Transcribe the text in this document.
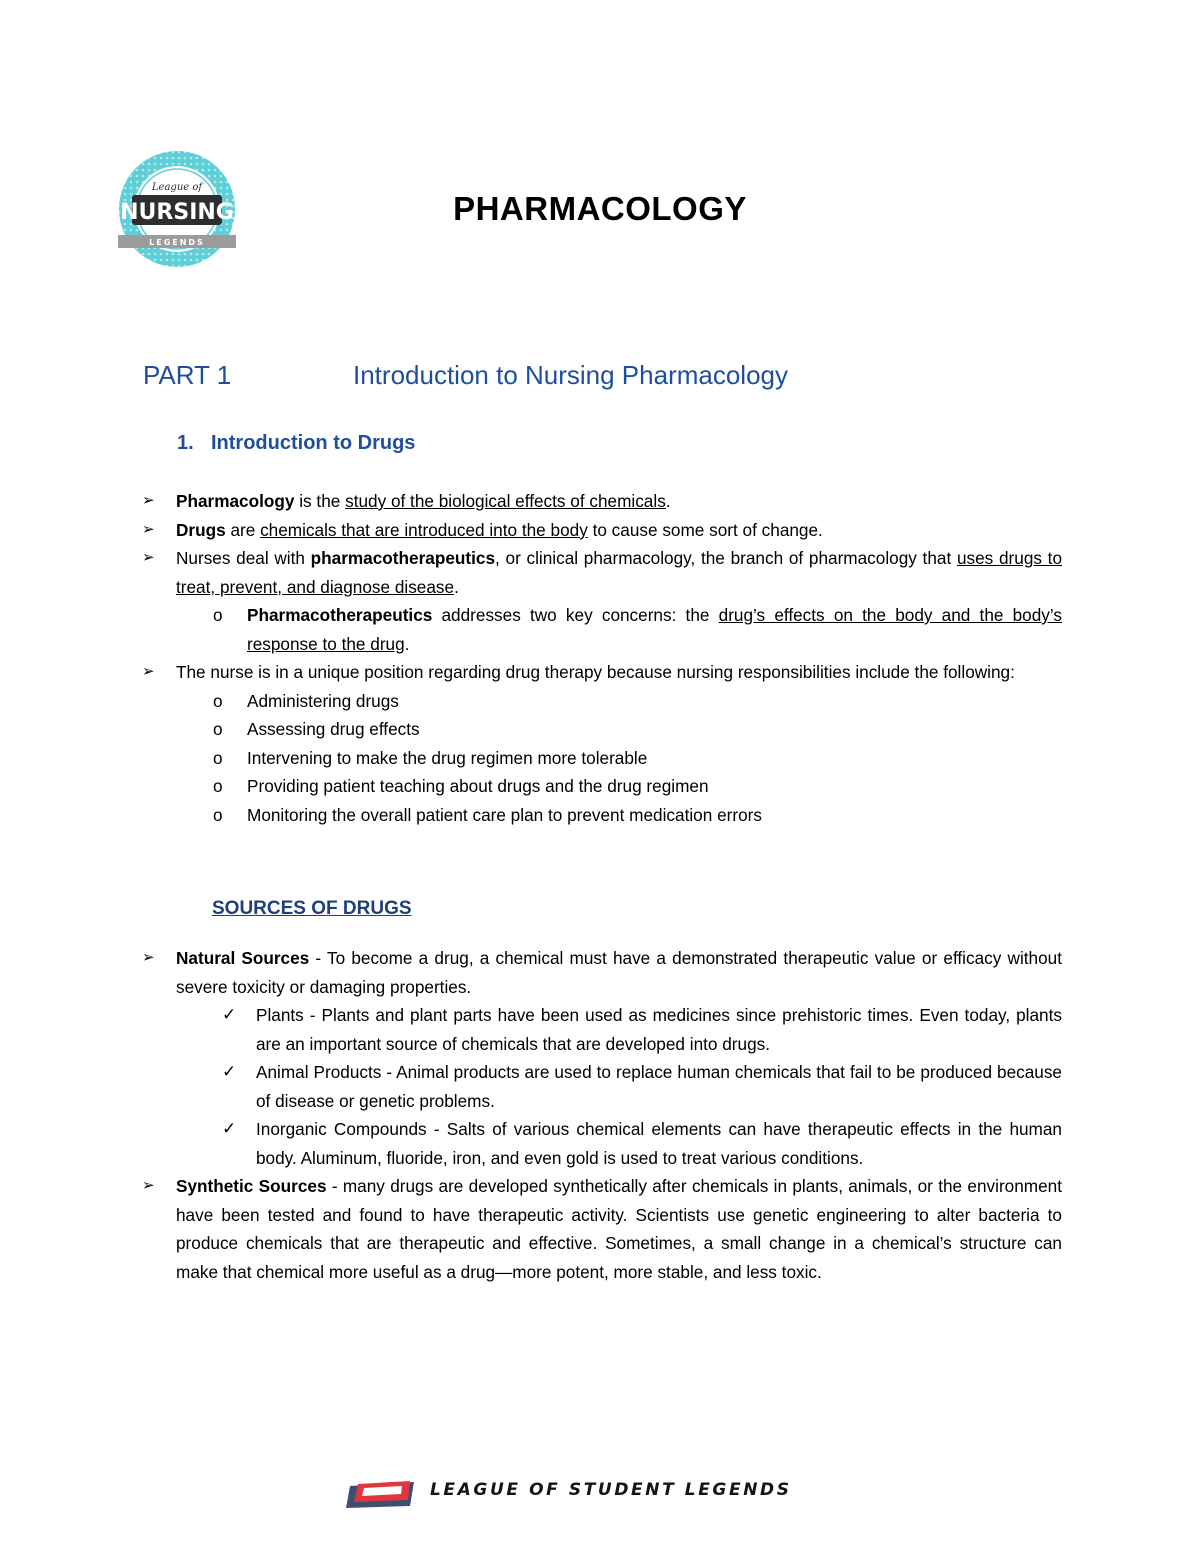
League of
NURSING
LEGENDS
PHARMACOLOGY
PART 1	Introduction to Nursing Pharmacology
1. Introduction to Drugs
➢ Pharmacology is the study of the biological effects of chemicals.
➢ Drugs are chemicals that are introduced into the body to cause some sort of change.
➢ Nurses deal with pharmacotherapeutics, or clinical pharmacology, the branch of pharmacology that uses drugs to treat, prevent, and diagnose disease.
o Pharmacotherapeutics addresses two key concerns: the drug’s effects on the body and the body’s response to the drug.
➢ The nurse is in a unique position regarding drug therapy because nursing responsibilities include the following:
o Administering drugs
o Assessing drug effects
o Intervening to make the drug regimen more tolerable
o Providing patient teaching about drugs and the drug regimen
o Monitoring the overall patient care plan to prevent medication errors
SOURCES OF DRUGS
➢ Natural Sources - To become a drug, a chemical must have a demonstrated therapeutic value or efficacy without severe toxicity or damaging properties.
✓ Plants - Plants and plant parts have been used as medicines since prehistoric times. Even today, plants are an important source of chemicals that are developed into drugs.
✓ Animal Products - Animal products are used to replace human chemicals that fail to be produced because of disease or genetic problems.
✓ Inorganic Compounds - Salts of various chemical elements can have therapeutic effects in the human body. Aluminum, fluoride, iron, and even gold is used to treat various conditions.
➢ Synthetic Sources - many drugs are developed synthetically after chemicals in plants, animals, or the environment have been tested and found to have therapeutic activity. Scientists use genetic engineering to alter bacteria to produce chemicals that are therapeutic and effective. Sometimes, a small change in a chemical’s structure can make that chemical more useful as a drug—more potent, more stable, and less toxic.
LEAGUE OF STUDENT LEGENDS
